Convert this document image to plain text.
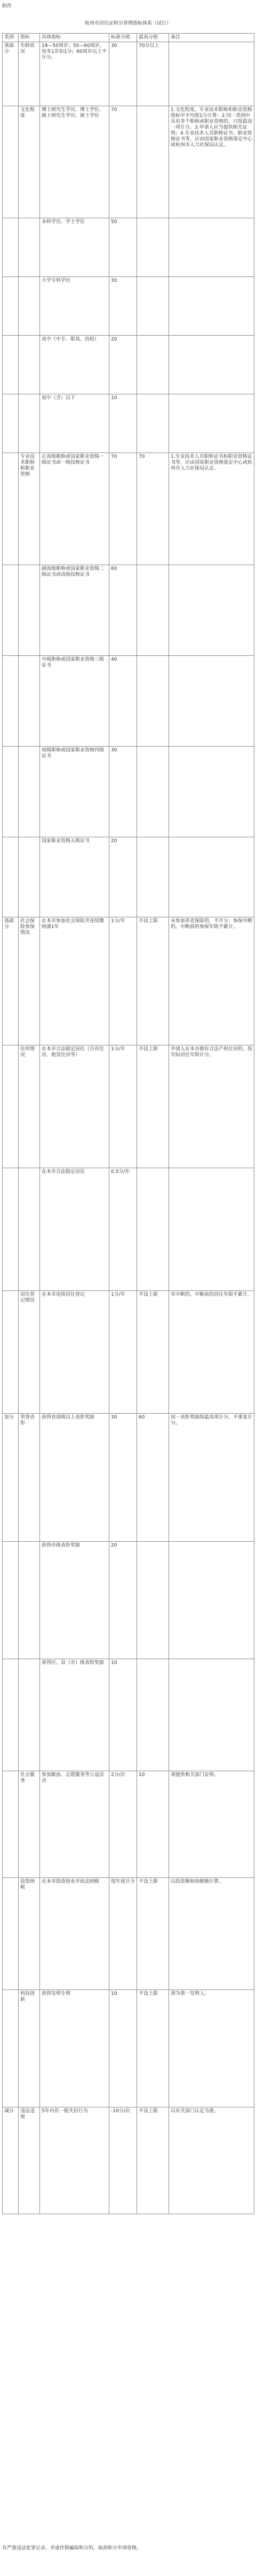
附件
杭州市居住证积分管理指标体系（试行）
类别	指标	具体指标	标准分值	最高分值	备注
基础分	年龄状况	18—50周岁；50—60周岁，每多1岁扣1分；60周岁以上不计分。	30	70分以上	
	文化程度	博士研究生学历、博士学位、硕士研究生学历、硕士学位	70		1.文化程度，专业技术职称和职业资格指标中平均按1分计算；2.同一类别中具有多个职称或职业资格的，只按最高一项计分。3.申请人应当提供相关证明；4.专业技术人员职称证书、职业资格证书等，应由国家职业资格鉴定中心或杭州市人力社保局认定。
		本科学历、学士学位	50		
		大学专科学历	30		
		高中（中专、职高、技校）	20		
		初中（含）以下	10		
	专业技术职称和职业资格	正高级职称或国家职业资格一级证书或一级技师证书	70	70	1.专业技术人员职称证书和职业资格证书等，应由国家职业资格鉴定中心或杭州市人力社保局认定。
		副高级职称或国家职业资格二级证书或高级技师证书	60		
		中级职称或国家职业资格三级证书	40		
		初级职称或国家职业资格四级证书	30		
		国家职业资格五级证书	20		
基础分	社会保险参保情况	在本市参加社会保险并连续缴纳满1年	1分/年	不设上限	未参加养老保险的，不计分；参保中断的，中断前的参保年限不累计。
	住所情况	在本市合法稳定居住（自有住房、租赁住房等）	1分/年	不设上限	申请人在本市拥有合法产权住房的，按实际居住年限计分。
		在本市合法稳定居住	0.5分/年		
	居住登记情况	在本市连续居住登记	1分/年	不设上限	有中断的，中断前的居住年限不累计。
加分	荣誉表彰	获得省部级以上表彰奖励	30	60	同一表彰奖励按最高项计分，不重复计分。
		获得市级表彰奖励	20		
		获得区、县（市）级表彰奖励	10		
	社会服务	参加献血、志愿服务等公益活动	2分/次	10	须提供相关部门证明。
	投资纳税	在本市投资创业并依法纳税	按年度计分	不设上限	以投资额和纳税额计算。
	科技创新	获得发明专利	10	不设上限	须为第一发明人。
减分	违法违规	5年内有一般失信行为	-10分/次	不设上限	以有关部门认定为准。
有严重违法犯罪记录、弄虚作假骗取积分的，取消积分申请资格。
